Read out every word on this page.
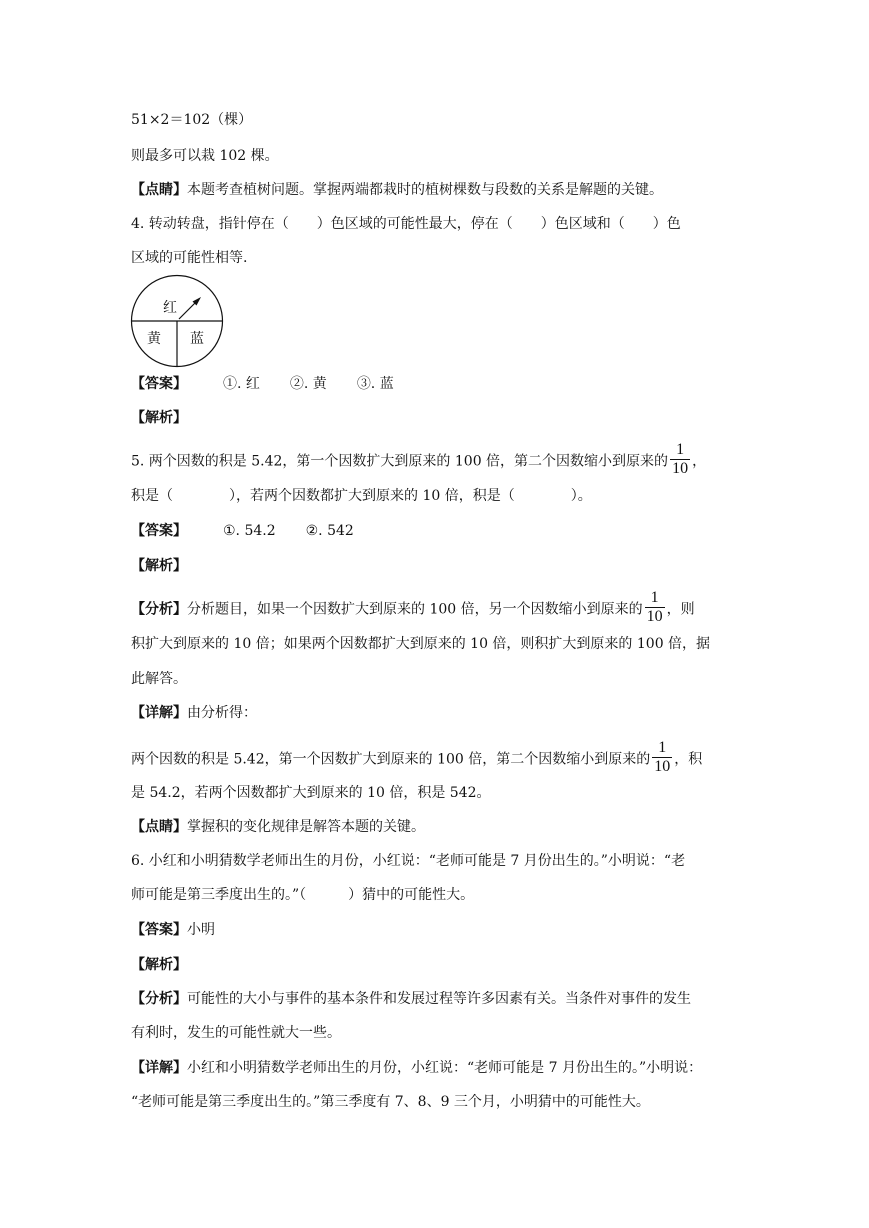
51×2＝102（棵）
则最多可以栽 102 棵。
【点睛】本题考查植树问题。掌握两端都栽时的植树棵数与段数的关系是解题的关键。
4. 转动转盘，指针停在（　　）色区域的可能性最大，停在（　　）色区域和（　　）色
区域的可能性相等.
红
黄 蓝
【答案】	①. 红 ②. 黄 ③. 蓝
【解析】
5. 两个因数的积是 5.42，第一个因数扩大到原来的 100 倍，第二个因数缩小到原来的 $\frac{1}{10}$ ，
积是（　　　　），若两个因数都扩大到原来的 10 倍，积是（　　　　）。
【答案】	①. 54.2 ②. 542
【解析】
【分析】分析题目，如果一个因数扩大到原来的 100 倍，另一个因数缩小到原来的 $\frac{1}{10}$ ，则
积扩大到原来的 10 倍；如果两个因数都扩大到原来的 10 倍，则积扩大到原来的 100 倍，据
此解答。
【详解】由分析得：
两个因数的积是 5.42，第一个因数扩大到原来的 100 倍，第二个因数缩小到原来的 $\frac{1}{10}$ ，积
是 54.2，若两个因数都扩大到原来的 10 倍，积是 542。
【点睛】掌握积的变化规律是解答本题的关键。
6. 小红和小明猜数学老师出生的月份，小红说：“老师可能是 7 月份出生的。”小明说：“老
师可能是第三季度出生的。”（　　　）猜中的可能性大。
【答案】小明
【解析】
【分析】可能性的大小与事件的基本条件和发展过程等许多因素有关。当条件对事件的发生
有利时，发生的可能性就大一些。
【详解】小红和小明猜数学老师出生的月份，小红说：“老师可能是 7 月份出生的。”小明说：
“老师可能是第三季度出生的。”第三季度有 7、8、9 三个月，小明猜中的可能性大。
